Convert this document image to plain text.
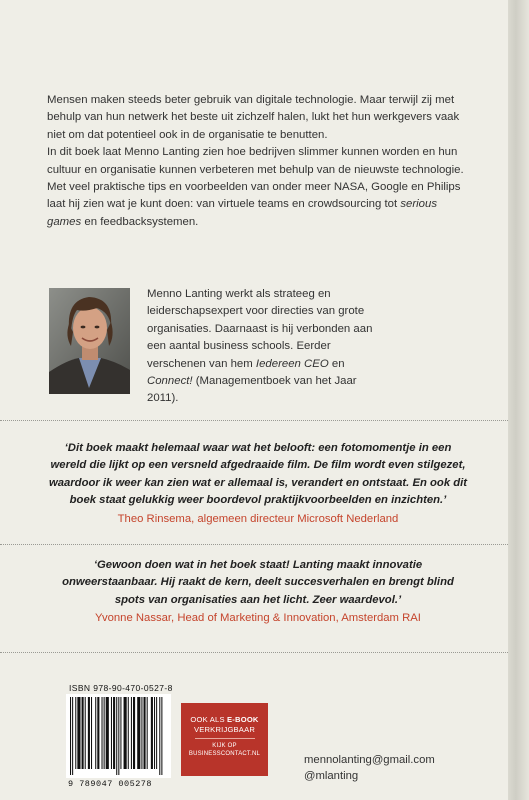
Mensen maken steeds beter gebruik van digitale technologie. Maar terwijl zij met behulp van hun netwerk het beste uit zichzelf halen, lukt het hun werkgevers vaak niet om dat potentieel ook in de organisatie te benutten.

In dit boek laat Menno Lanting zien hoe bedrijven slimmer kunnen worden en hun cultuur en organisatie kunnen verbeteren met behulp van de nieuwste technologie. Met veel praktische tips en voorbeelden van onder meer NASA, Google en Philips laat hij zien wat je kunt doen: van virtuele teams en crowdsourcing tot serious games en feedbacksystemen.

Menno Lanting werkt als strateeg en leiderschapsexpert voor directies van grote organisaties. Daarnaast is hij verbonden aan een aantal business schools. Eerder verschenen van hem Iedereen CEO en Connect! (Managementboek van het Jaar 2011).
‘Dit boek maakt helemaal waar wat het belooft: een fotomomentje in een wereld die lijkt op een versneld afgedraaide film. De film wordt even stilgezet, waardoor ik weer kan zien wat er allemaal is, verandert en ontstaat. En ook dit boek staat gelukkig weer boordevol praktijkvoorbeelden en inzichten.’
Theo Rinsema, algemeen directeur Microsoft Nederland
‘Gewoon doen wat in het boek staat! Lanting maakt innovatie onweerstaanbaar. Hij raakt de kern, deelt succesverhalen en brengt blind spots van organisaties aan het licht. Zeer waardevol.’
Yvonne Nassar, Head of Marketing & Innovation, Amsterdam RAI
ISBN 978-90-470-0527-8
9 789047 005278
OOK ALS E-BOOK
VERKRIJGBAAR
KIJK OP
BUSINESSCONTACT.NL	mennolanting@gmail.com
@mlanting
